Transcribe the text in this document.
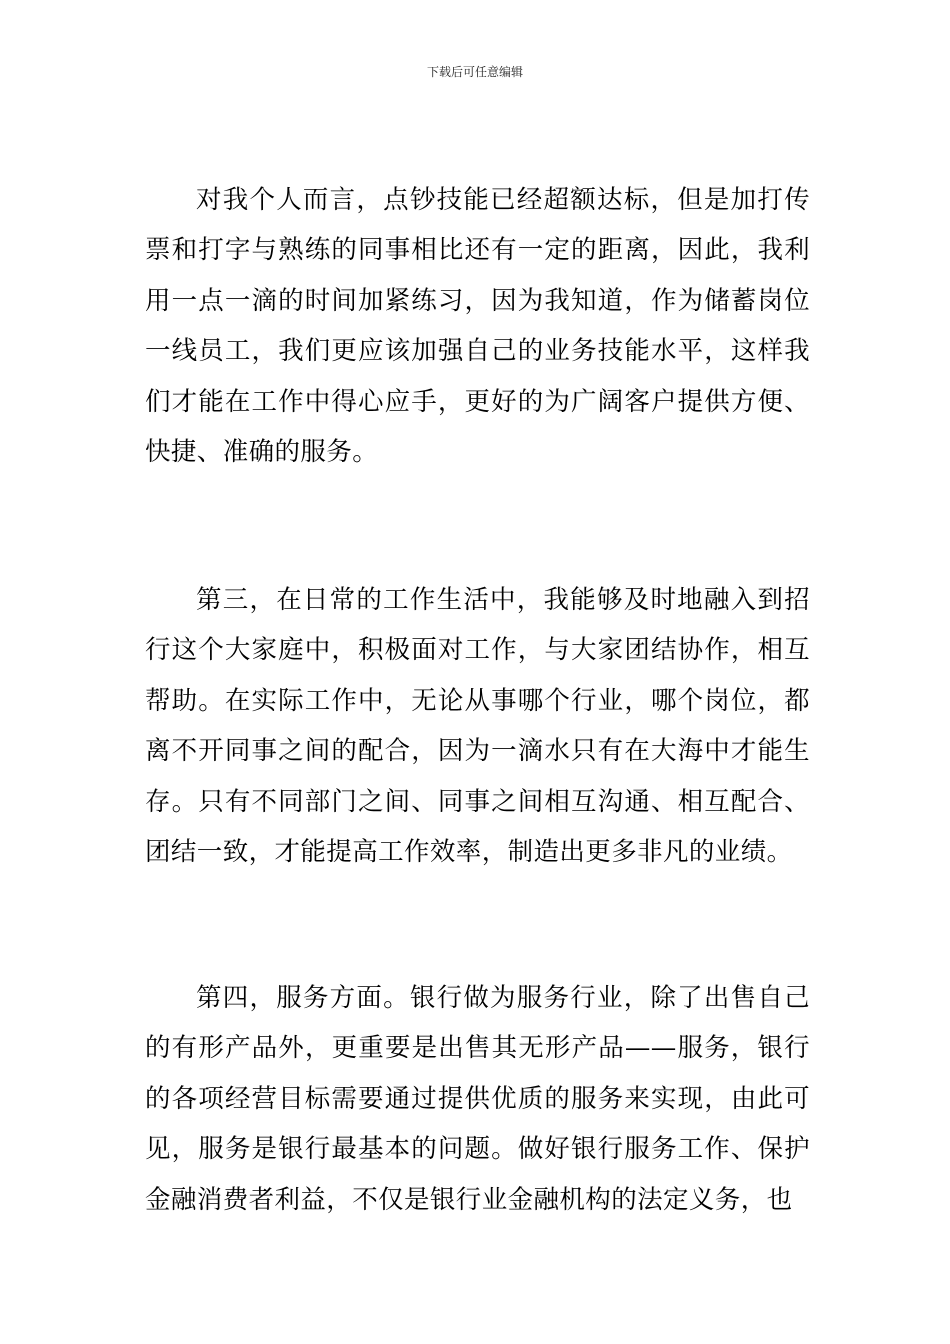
下载后可任意编辑

对我个人而言，点钞技能已经超额达标，但是加打传票和打字与熟练的同事相比还有一定的距离，因此，我利用一点一滴的时间加紧练习，因为我知道，作为储蓄岗位一线员工，我们更应该加强自己的业务技能水平，这样我们才能在工作中得心应手，更好的为广阔客户提供方便、快捷、准确的服务。

第三，在日常的工作生活中，我能够及时地融入到招行这个大家庭中，积极面对工作，与大家团结协作，相互帮助。在实际工作中，无论从事哪个行业，哪个岗位，都离不开同事之间的配合，因为一滴水只有在大海中才能生存。只有不同部门之间、同事之间相互沟通、相互配合、团结一致，才能提高工作效率，制造出更多非凡的业绩。

第四，服务方面。银行做为服务行业，除了出售自己的有形产品外，更重要是出售其无形产品——服务，银行的各项经营目标需要通过提供优质的服务来实现，由此可见，服务是银行最基本的问题。做好银行服务工作、保护金融消费者利益，不仅是银行业金融机构的法定义务，也
